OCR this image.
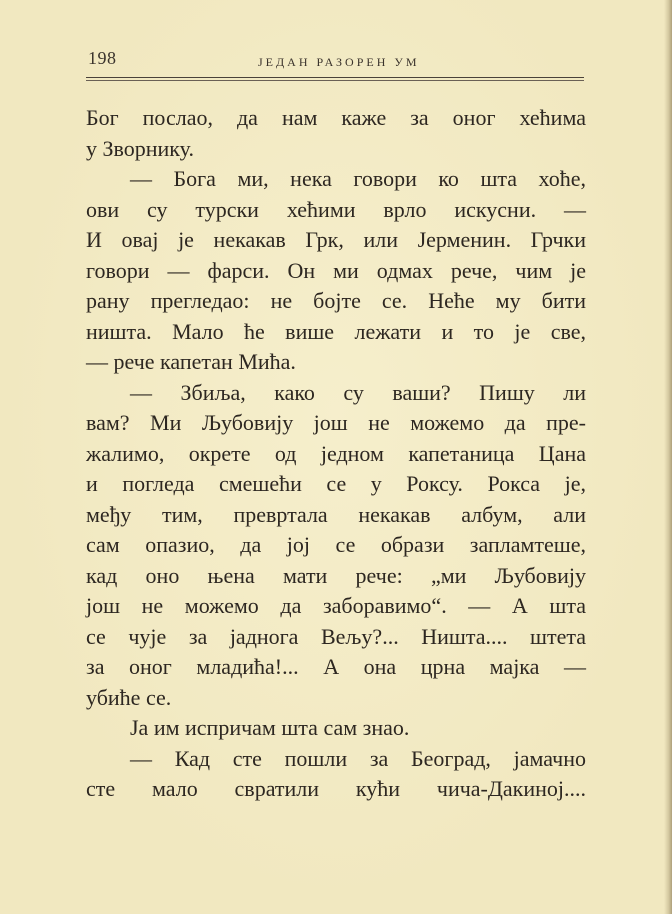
198	ЈЕДАН РАЗОРЕН УМ
Бог послао, да нам каже за оног хећима
у Зворнику.
— Бога ми, нека говори ко шта хоће,
ови су турски хећими врло искусни. —
И овај је некакав Грк, или Јерменин. Грчки
говори — фарси. Он ми одмах рече, чим је
рану прегледао: не бојте се. Неће му бити
ништа. Мало ће више лежати и то је све,
— рече капетан Мића.
— Збиља, како су ваши? Пишу ли
вам? Ми Љубовију још не можемо да пре-
жалимо, окрете од једном капетаница Цана
и погледа смешећи се у Роксу. Рокса је,
међу тим, превртала некакав албум, али
сам опазио, да јој се образи запламтеше,
кад оно њена мати рече: „ми Љубовију
још не можемо да заборавимо“. — А шта
се чује за јаднога Вељу?... Ништа.... штета
за оног младића!... А она црна мајка —
убиће се.
Ја им испричам шта сам знао.
— Кад сте пошли за Београд, јамачно
сте мало свратили кући чича-Дакиној....
